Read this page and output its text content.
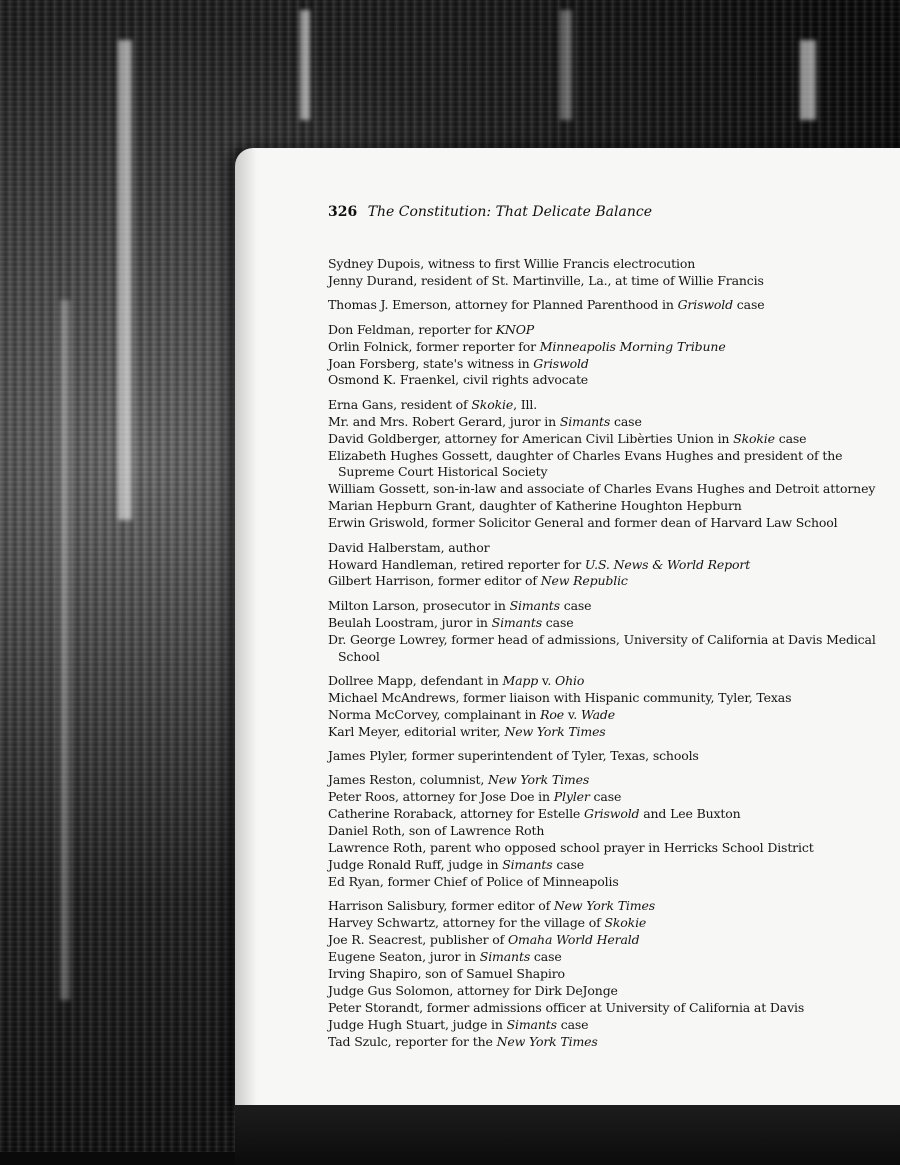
326 The Constitution: That Delicate Balance
Sydney Dupois, witness to first Willie Francis electrocution
Jenny Durand, resident of St. Martinville, La., at time of Willie Francis
Thomas J. Emerson, attorney for Planned Parenthood in Griswold case
Don Feldman, reporter for KNOP
Orlin Folnick, former reporter for Minneapolis Morning Tribune
Joan Forsberg, state's witness in Griswold
Osmond K. Fraenkel, civil rights advocate
Erna Gans, resident of Skokie, Ill.
Mr. and Mrs. Robert Gerard, juror in Simants case
David Goldberger, attorney for American Civil Libèrties Union in Skokie case
Elizabeth Hughes Gossett, daughter of Charles Evans Hughes and president of the Supreme Court Historical Society
William Gossett, son-in-law and associate of Charles Evans Hughes and Detroit attorney
Marian Hepburn Grant, daughter of Katherine Houghton Hepburn
Erwin Griswold, former Solicitor General and former dean of Harvard Law School
David Halberstam, author
Howard Handleman, retired reporter for U.S. News & World Report
Gilbert Harrison, former editor of New Republic
Milton Larson, prosecutor in Simants case
Beulah Loostram, juror in Simants case
Dr. George Lowrey, former head of admissions, University of California at Davis Medical School
Dollree Mapp, defendant in Mapp v. Ohio
Michael McAndrews, former liaison with Hispanic community, Tyler, Texas
Norma McCorvey, complainant in Roe v. Wade
Karl Meyer, editorial writer, New York Times
James Plyler, former superintendent of Tyler, Texas, schools
James Reston, columnist, New York Times
Peter Roos, attorney for Jose Doe in Plyler case
Catherine Roraback, attorney for Estelle Griswold and Lee Buxton
Daniel Roth, son of Lawrence Roth
Lawrence Roth, parent who opposed school prayer in Herricks School District
Judge Ronald Ruff, judge in Simants case
Ed Ryan, former Chief of Police of Minneapolis
Harrison Salisbury, former editor of New York Times
Harvey Schwartz, attorney for the village of Skokie
Joe R. Seacrest, publisher of Omaha World Herald
Eugene Seaton, juror in Simants case
Irving Shapiro, son of Samuel Shapiro
Judge Gus Solomon, attorney for Dirk DeJonge
Peter Storandt, former admissions officer at University of California at Davis
Judge Hugh Stuart, judge in Simants case
Tad Szulc, reporter for the New York Times
